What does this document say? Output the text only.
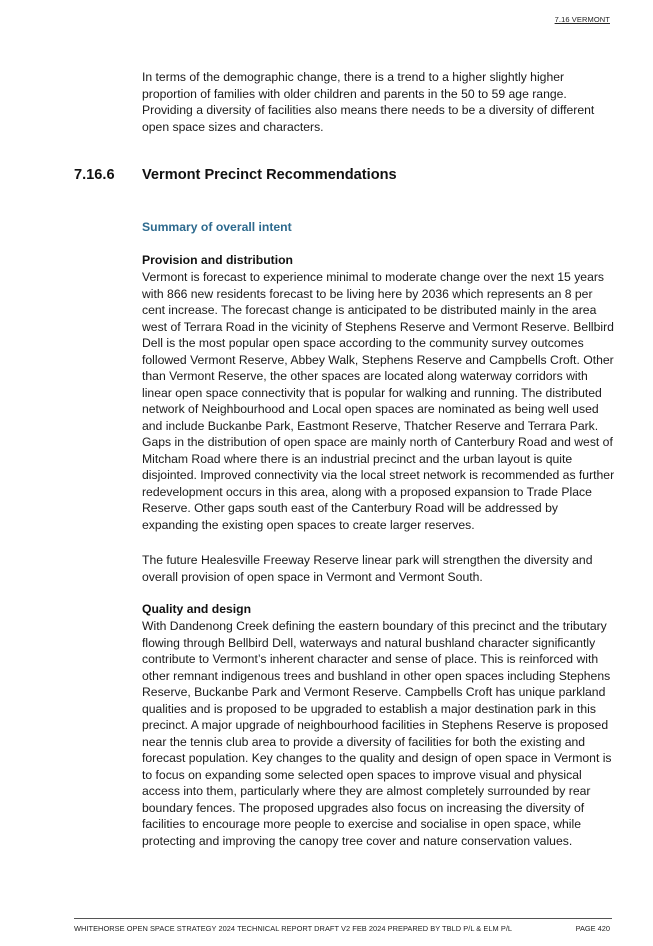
7.16 VERMONT

In terms of the demographic change, there is a trend to a higher slightly higher proportion of families with older children and parents in the 50 to 59 age range. Providing a diversity of facilities also means there needs to be a diversity of different open space sizes and characters.

7.16.6 Vermont Precinct Recommendations
Summary of overall intent
Provision and distribution

Vermont is forecast to experience minimal to moderate change over the next 15 years with 866 new residents forecast to be living here by 2036 which represents an 8 per cent increase. The forecast change is anticipated to be distributed mainly in the area west of Terrara Road in the vicinity of Stephens Reserve and Vermont Reserve. Bellbird Dell is the most popular open space according to the community survey outcomes followed Vermont Reserve, Abbey Walk, Stephens Reserve and Campbells Croft. Other than Vermont Reserve, the other spaces are located along waterway corridors with linear open space connectivity that is popular for walking and running. The distributed network of Neighbourhood and Local open spaces are nominated as being well used and include Buckanbe Park, Eastmont Reserve, Thatcher Reserve and Terrara Park. Gaps in the distribution of open space are mainly north of Canterbury Road and west of Mitcham Road where there is an industrial precinct and the urban layout is quite disjointed. Improved connectivity via the local street network is recommended as further redevelopment occurs in this area, along with a proposed expansion to Trade Place Reserve. Other gaps south east of the Canterbury Road will be addressed by expanding the existing open spaces to create larger reserves.

The future Healesville Freeway Reserve linear park will strengthen the diversity and overall provision of open space in Vermont and Vermont South.

Quality and design

With Dandenong Creek defining the eastern boundary of this precinct and the tributary flowing through Bellbird Dell, waterways and natural bushland character significantly contribute to Vermont’s inherent character and sense of place. This is reinforced with other remnant indigenous trees and bushland in other open spaces including Stephens Reserve, Buckanbe Park and Vermont Reserve. Campbells Croft has unique parkland qualities and is proposed to be upgraded to establish a major destination park in this precinct. A major upgrade of neighbourhood facilities in Stephens Reserve is proposed near the tennis club area to provide a diversity of facilities for both the existing and forecast population. Key changes to the quality and design of open space in Vermont is to focus on expanding some selected open spaces to improve visual and physical access into them, particularly where they are almost completely surrounded by rear boundary fences. The proposed upgrades also focus on increasing the diversity of facilities to encourage more people to exercise and socialise in open space, while protecting and improving the canopy tree cover and nature conservation values.

WHITEHORSE OPEN SPACE STRATEGY 2024 TECHNICAL REPORT DRAFT V2 FEB 2024 PREPARED BY TBLD P/L & ELM P/L	PAGE 420
